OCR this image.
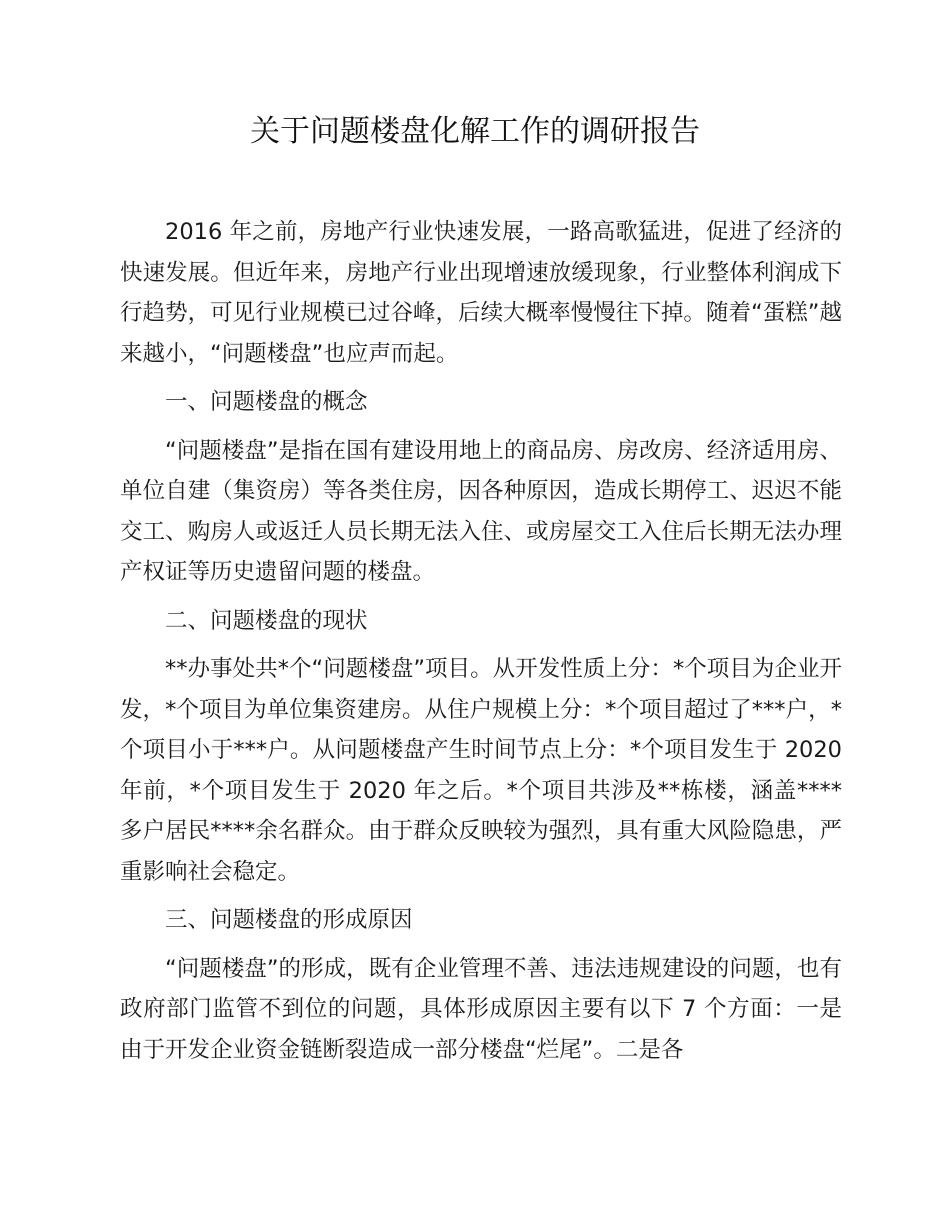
关于问题楼盘化解工作的调研报告

2016 年之前，房地产行业快速发展，一路高歌猛进，促进了经济的快速发展。但近年来，房地产行业出现增速放缓现象，行业整体利润成下行趋势，可见行业规模已过谷峰，后续大概率慢慢往下掉。随着“蛋糕”越来越小，“问题楼盘”也应声而起。

一、问题楼盘的概念

“问题楼盘”是指在国有建设用地上的商品房、房改房、经济适用房、单位自建（集资房）等各类住房，因各种原因，造成长期停工、迟迟不能交工、购房人或返迁人员长期无法入住、或房屋交工入住后长期无法办理产权证等历史遗留问题的楼盘。

二、问题楼盘的现状

**办事处共*个“问题楼盘”项目。从开发性质上分：*个项目为企业开发，*个项目为单位集资建房。从住户规模上分：*个项目超过了***户，*个项目小于***户。从问题楼盘产生时间节点上分：*个项目发生于 2020 年前，*个项目发生于 2020 年之后。*个项目共涉及**栋楼，涵盖****多户居民****余名群众。由于群众反映较为强烈，具有重大风险隐患，严重影响社会稳定。

三、问题楼盘的形成原因

“问题楼盘”的形成，既有企业管理不善、违法违规建设的问题，也有政府部门监管不到位的问题，具体形成原因主要有以下 7 个方面：一是由于开发企业资金链断裂造成一部分楼盘“烂尾”。二是各
